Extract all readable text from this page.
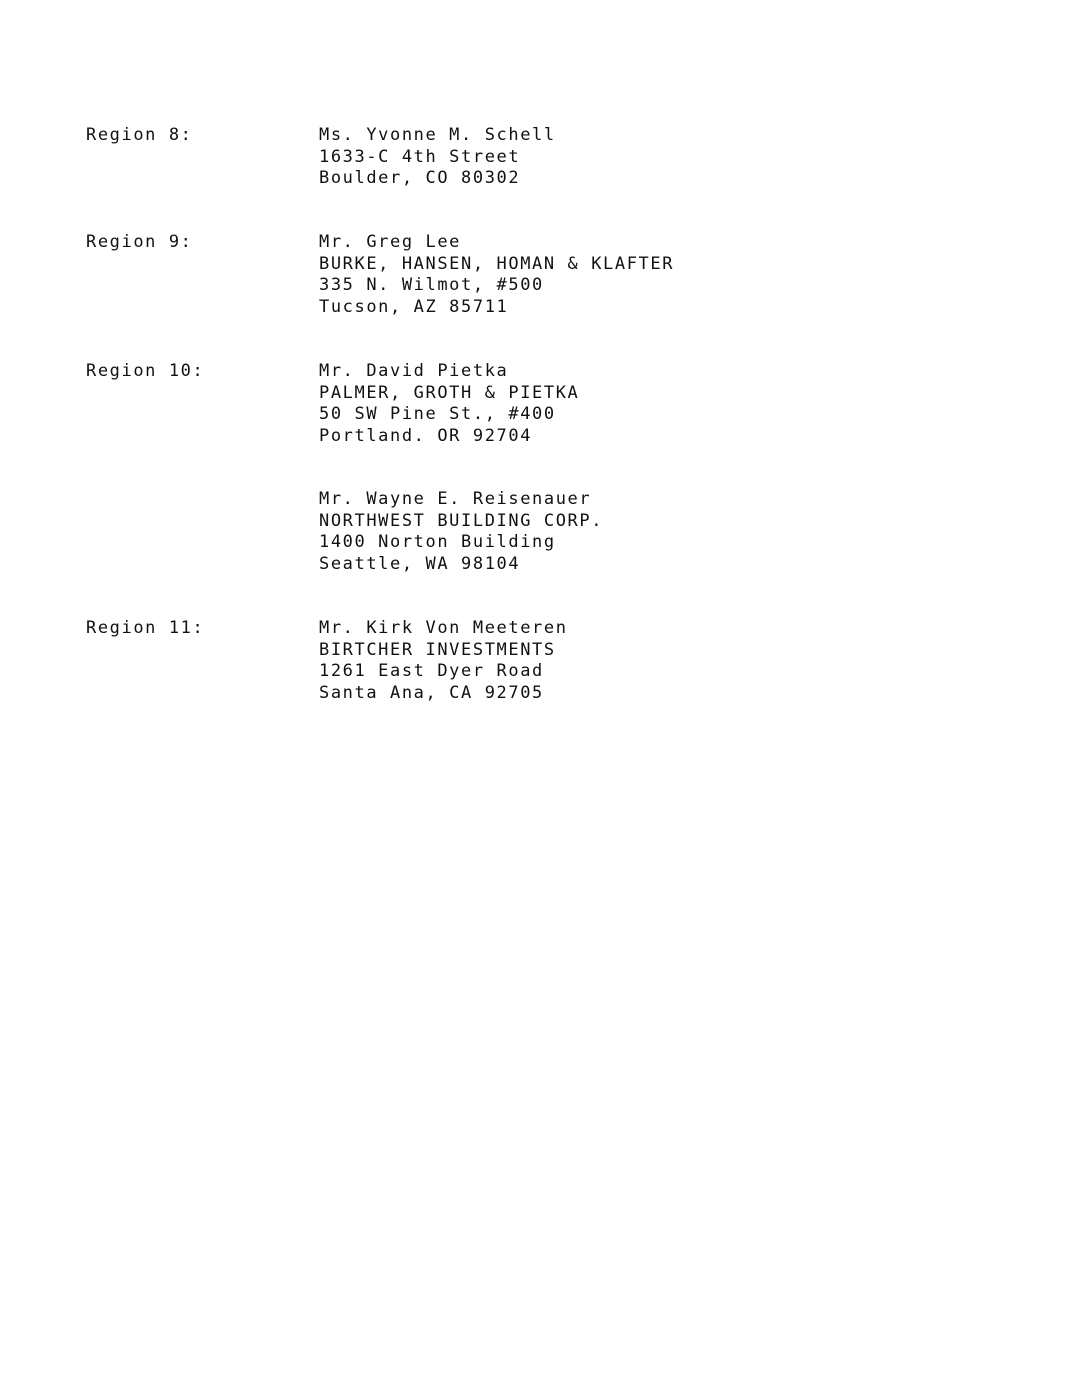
Region 8:	Ms. Yvonne M. Schell
1633-C 4th Street
Boulder, CO 80302
Region 9:	Mr. Greg Lee
BURKE, HANSEN, HOMAN & KLAFTER
335 N. Wilmot, #500
Tucson, AZ 85711
Region 10:	Mr. David Pietka
PALMER, GROTH & PIETKA
50 SW Pine St., #400
Portland. OR 92704
Mr. Wayne E. Reisenauer
NORTHWEST BUILDING CORP.
1400 Norton Building
Seattle, WA 98104
Region 11:	Mr. Kirk Von Meeteren
BIRTCHER INVESTMENTS
1261 East Dyer Road
Santa Ana, CA 92705
